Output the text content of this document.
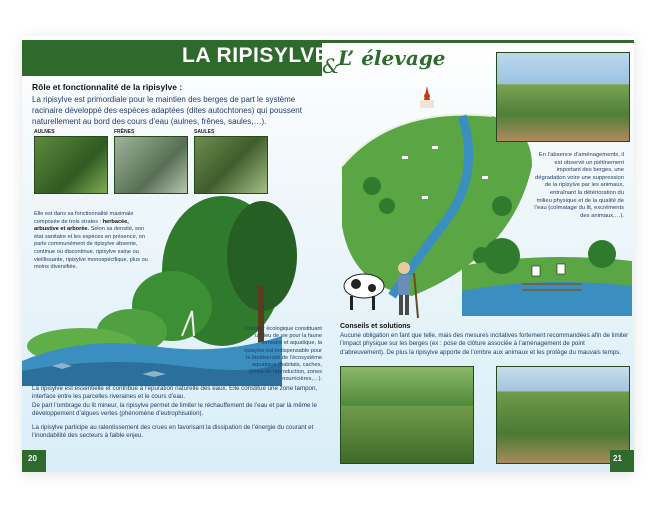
LA RIPISYLVE
&
L’ élevage
Rôle et fonctionnalité de la ripisylve :
La ripisylve est primordiale pour le maintien des berges de part le système racinaire développé des espèces adaptées (dites autochtones) qui poussent naturellement au bord des cours d’eau (aulnes, frênes, saules,…).
AULNES	FRÊNES	SAULES
Elle est dans sa fonctionnalité maximale composée de trois strates : herbacée, arbustive et arborée. Selon sa densité, son état sanitaire et les espèces en présence, on parle communément de ripisylve absente, continue ou discontinue, ripisylve saine ou vieillissante, ripisylve monospécifique, plus ou moins diversifiée.
Corridor écologique constituant un lieu de vie pour la faune terrestre et aquatique, la ripisylve est indispensable pour la biodiversité de l’écosystème aquatique (habitats, caches, zones de reproduction, zones nourricières,…).
La ripisylve est essentielle et contribue à l’épuration naturelle des eaux. Elle constitue une zone tampon, interface entre les parcelles riveraines et le cours d’eau.
De part l’ombrage du lit mineur, la ripisylve permet de limiter le réchauffement de l’eau et par là même le développement d’algues vertes (phénomène d’eutrophisation).
La ripisylve participe au ralentissement des crues en favorisant la dissipation de l’énergie du courant et l’inondabilité des secteurs à faible enjeu.
20
En l’absence d’aménagements, il est observé un piétinement important des berges, une dégradation voire une suppression de la ripisylve par les animaux, entraînant la détérioration du milieu physique et de la qualité de l’eau (colmatage du lit, excréments des animaux,…).
Conseils et solutions
Aucune obligation en fant que telle, mais des mesures incitatives fortement recommandées afin de limiter l’impact physique sur les berges (ex : pose de clôture associée à l’aménagement de point d’abreuvement). De plus la ripisylve apporte de l’ombre aux animaux et les protège du mauvais temps.
21
